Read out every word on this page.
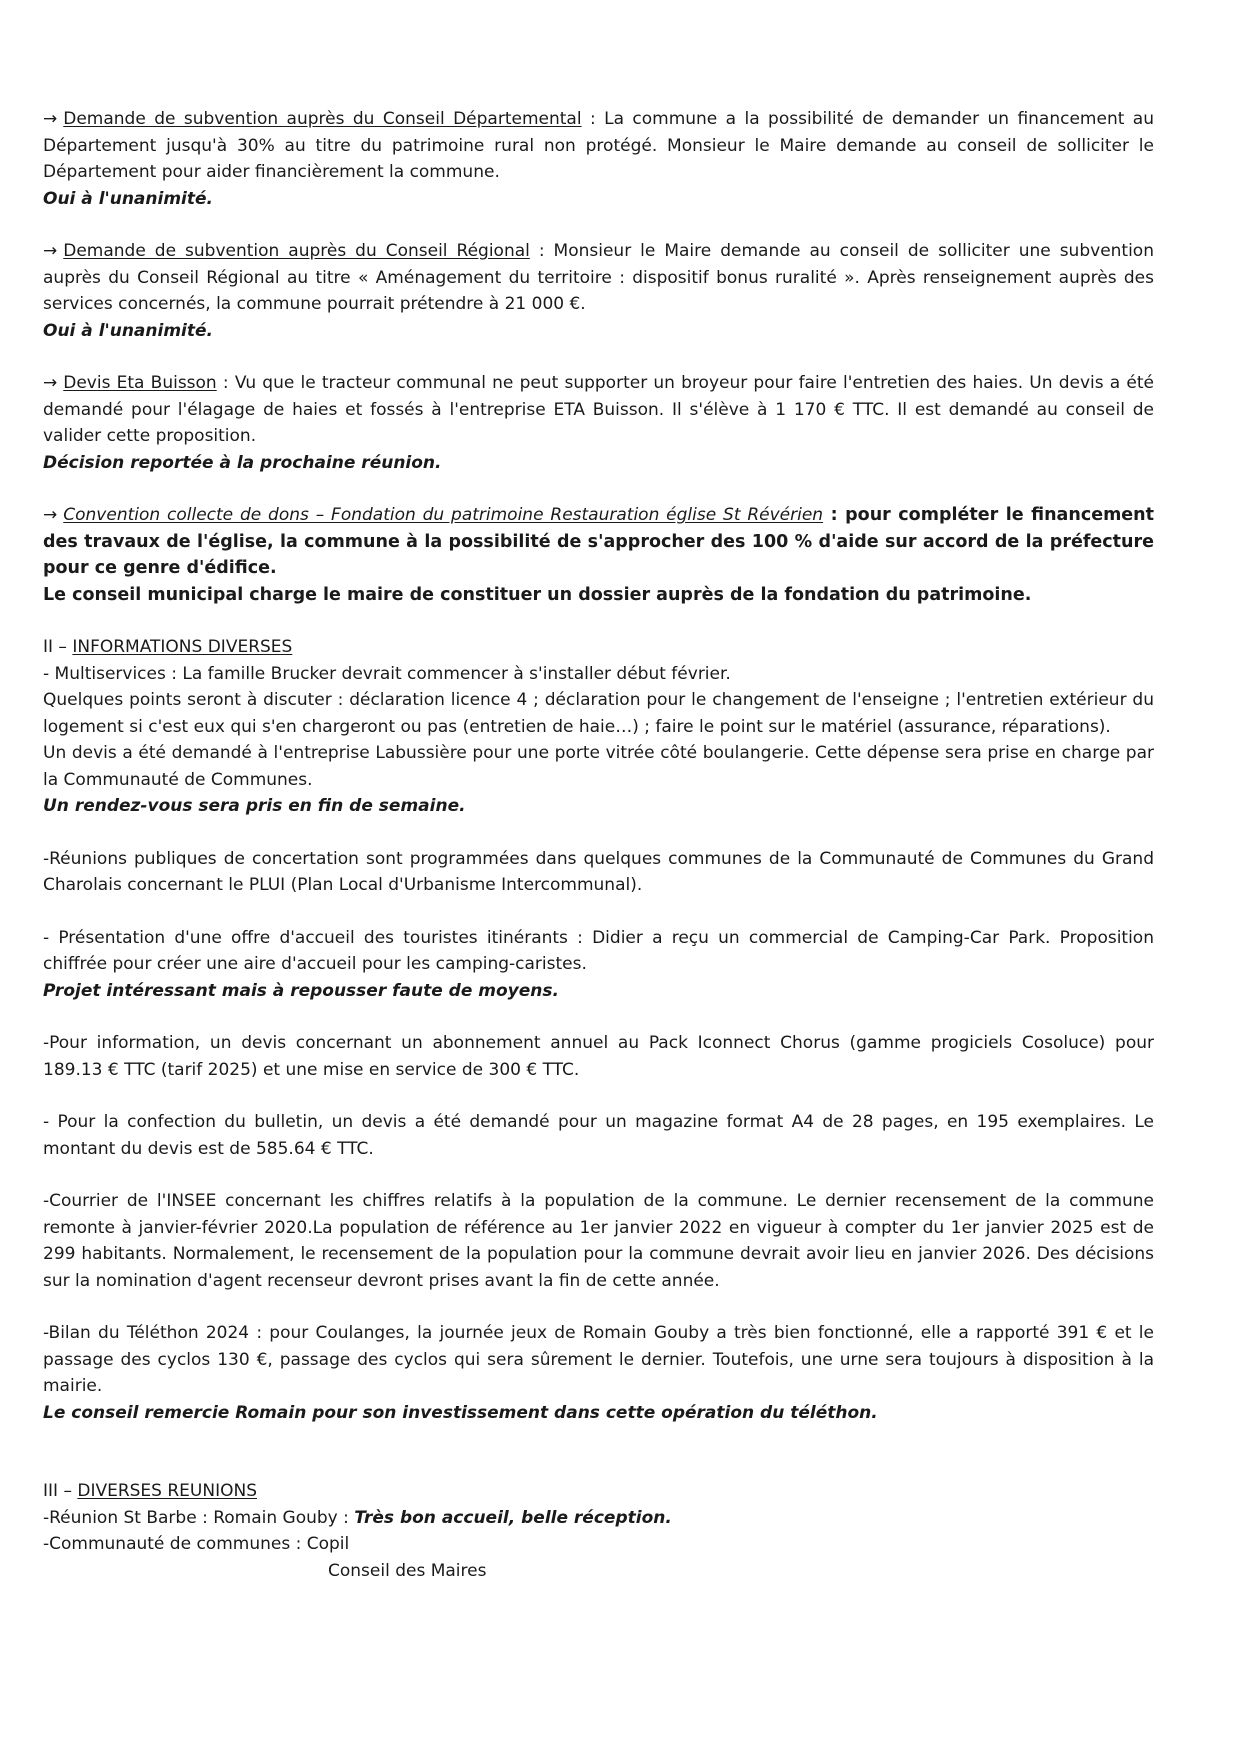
→ Demande de subvention auprès du Conseil Départemental : La commune a la possibilité de demander un financement au Département jusqu'à 30% au titre du patrimoine rural non protégé. Monsieur le Maire demande au conseil de solliciter le Département pour aider financièrement la commune.

Oui à l'unanimité.

→ Demande de subvention auprès du Conseil Régional : Monsieur le Maire demande au conseil de solliciter une subvention auprès du Conseil Régional au titre « Aménagement du territoire : dispositif bonus ruralité ». Après renseignement auprès des services concernés, la commune pourrait prétendre à 21 000 €.

Oui à l'unanimité.

→ Devis Eta Buisson : Vu que le tracteur communal ne peut supporter un broyeur pour faire l'entretien des haies. Un devis a été demandé pour l'élagage de haies et fossés à l'entreprise ETA Buisson. Il s'élève à 1 170 € TTC. Il est demandé au conseil de valider cette proposition.

Décision reportée à la prochaine réunion.

→ Convention collecte de dons – Fondation du patrimoine Restauration église St Révérien : pour compléter le financement des travaux de l'église, la commune à la possibilité de s'approcher des 100 % d'aide sur accord de la préfecture pour ce genre d'édifice.

Le conseil municipal charge le maire de constituer un dossier auprès de la fondation du patrimoine.

II – INFORMATIONS DIVERSES

- Multiservices : La famille Brucker devrait commencer à s'installer début février.

Quelques points seront à discuter : déclaration licence 4 ; déclaration pour le changement de l'enseigne ; l'entretien extérieur du logement si c'est eux qui s'en chargeront ou pas (entretien de haie…) ; faire le point sur le matériel (assurance, réparations).

Un devis a été demandé à l'entreprise Labussière pour une porte vitrée côté boulangerie. Cette dépense sera prise en charge par la Communauté de Communes.

Un rendez-vous sera pris en fin de semaine.

-Réunions publiques de concertation sont programmées dans quelques communes de la Communauté de Communes du Grand Charolais concernant le PLUI (Plan Local d'Urbanisme Intercommunal).

- Présentation d'une offre d'accueil des touristes itinérants : Didier a reçu un commercial de Camping-Car Park. Proposition chiffrée pour créer une aire d'accueil pour les camping-caristes.

Projet intéressant mais à repousser faute de moyens.

-Pour information, un devis concernant un abonnement annuel au Pack Iconnect Chorus (gamme progiciels Cosoluce) pour 189.13 € TTC (tarif 2025) et une mise en service de 300 € TTC.

- Pour la confection du bulletin, un devis a été demandé pour un magazine format A4 de 28 pages, en 195 exemplaires. Le montant du devis est de 585.64 € TTC.

-Courrier de l'INSEE concernant les chiffres relatifs à la population de la commune. Le dernier recensement de la commune remonte à janvier-février 2020.La population de référence au 1er janvier 2022 en vigueur à compter du 1er janvier 2025 est de 299 habitants. Normalement, le recensement de la population pour la commune devrait avoir lieu en janvier 2026. Des décisions sur la nomination d'agent recenseur devront prises avant la fin de cette année.

-Bilan du Téléthon 2024 : pour Coulanges, la journée jeux de Romain Gouby a très bien fonctionné, elle a rapporté 391 € et le passage des cyclos 130 €, passage des cyclos qui sera sûrement le dernier. Toutefois, une urne sera toujours à disposition à la mairie.

Le conseil remercie Romain pour son investissement dans cette opération du téléthon.

III – DIVERSES REUNIONS

-Réunion St Barbe : Romain Gouby : Très bon accueil, belle réception.

-Communauté de communes : Copil

Conseil des Maires
